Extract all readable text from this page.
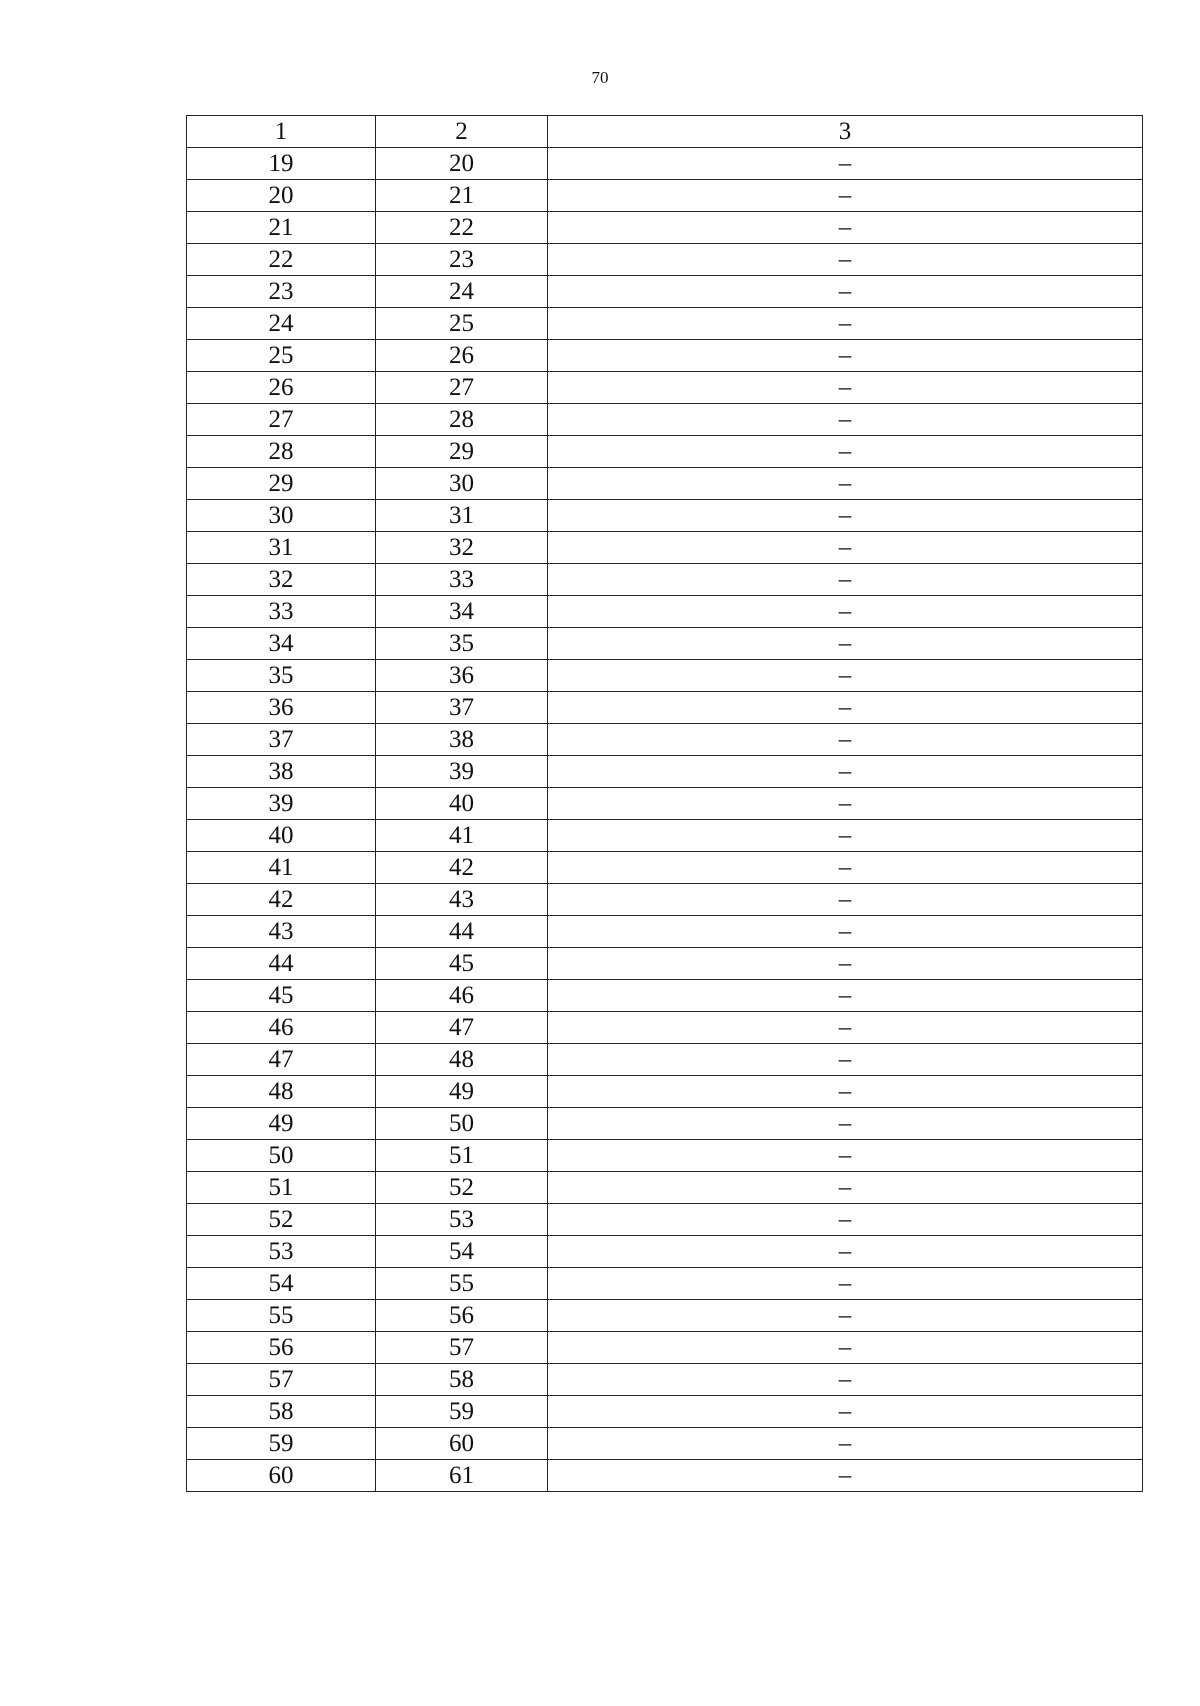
70
1	2	3
19	20	–
20	21	–
21	22	–
22	23	–
23	24	–
24	25	–
25	26	–
26	27	–
27	28	–
28	29	–
29	30	–
30	31	–
31	32	–
32	33	–
33	34	–
34	35	–
35	36	–
36	37	–
37	38	–
38	39	–
39	40	–
40	41	–
41	42	–
42	43	–
43	44	–
44	45	–
45	46	–
46	47	–
47	48	–
48	49	–
49	50	–
50	51	–
51	52	–
52	53	–
53	54	–
54	55	–
55	56	–
56	57	–
57	58	–
58	59	–
59	60	–
60	61	–
